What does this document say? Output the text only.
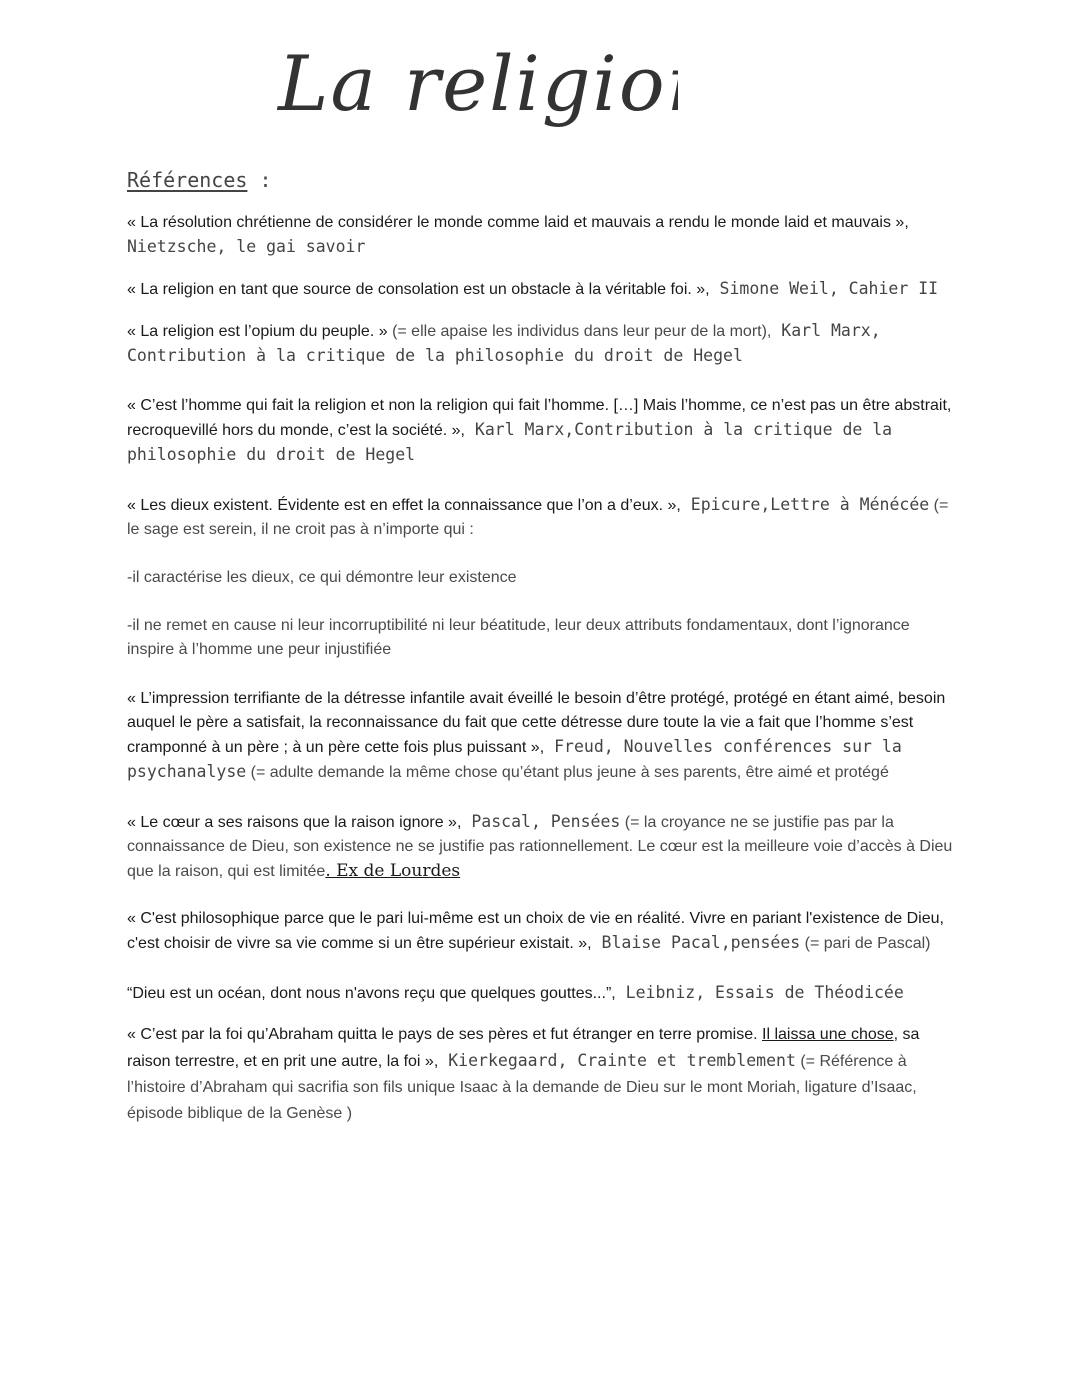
La religion
Références :

« La résolution chrétienne de considérer le monde comme laid et mauvais a rendu le monde laid et mauvais », Nietzsche, le gai savoir

« La religion en tant que source de consolation est un obstacle à la véritable foi. », Simone Weil, Cahier II

« La religion est l’opium du peuple. » (= elle apaise les individus dans leur peur de la mort), Karl Marx, Contribution à la critique de la philosophie du droit de Hegel

« C’est l’homme qui fait la religion et non la religion qui fait l’homme. […] Mais l’homme, ce n’est pas un être abstrait, recroquevillé hors du monde, c’est la société. », Karl Marx,Contribution à la critique de la philosophie du droit de Hegel

« Les dieux existent. Évidente est en effet la connaissance que l’on a d’eux. », Epicure,Lettre à Ménécée (= le sage est serein, il ne croit pas à n’importe qui :

-il caractérise les dieux, ce qui démontre leur existence

-il ne remet en cause ni leur incorruptibilité ni leur béatitude, leur deux attributs fondamentaux, dont l’ignorance inspire à l’homme une peur injustifiée

« L’impression terrifiante de la détresse infantile avait éveillé le besoin d’être protégé, protégé en étant aimé, besoin auquel le père a satisfait, la reconnaissance du fait que cette détresse dure toute la vie a fait que l’homme s’est cramponné à un père ; à un père cette fois plus puissant », Freud, Nouvelles conférences sur la psychanalyse (= adulte demande la même chose qu’étant plus jeune à ses parents, être aimé et protégé

« Le cœur a ses raisons que la raison ignore », Pascal, Pensées (= la croyance ne se justifie pas par la connaissance de Dieu, son existence ne se justifie pas rationnellement. Le cœur est la meilleure voie d’accès à Dieu que la raison, qui est limitée. Ex de Lourdes

« C'est philosophique parce que le pari lui-même est un choix de vie en réalité. Vivre en pariant l'existence de Dieu, c'est choisir de vivre sa vie comme si un être supérieur existait. », Blaise Pacal,pensées (= pari de Pascal)

“Dieu est un océan, dont nous n'avons reçu que quelques gouttes...”, Leibniz, Essais de Théodicée

« C’est par la foi qu’Abraham quitta le pays de ses pères et fut étranger en terre promise. Il laissa une chose, sa raison terrestre, et en prit une autre, la foi », Kierkegaard, Crainte et tremblement (= Référence à l’histoire d’Abraham qui sacrifia son fils unique Isaac à la demande de Dieu sur le mont Moriah, ligature d’Isaac, épisode biblique de la Genèse )
